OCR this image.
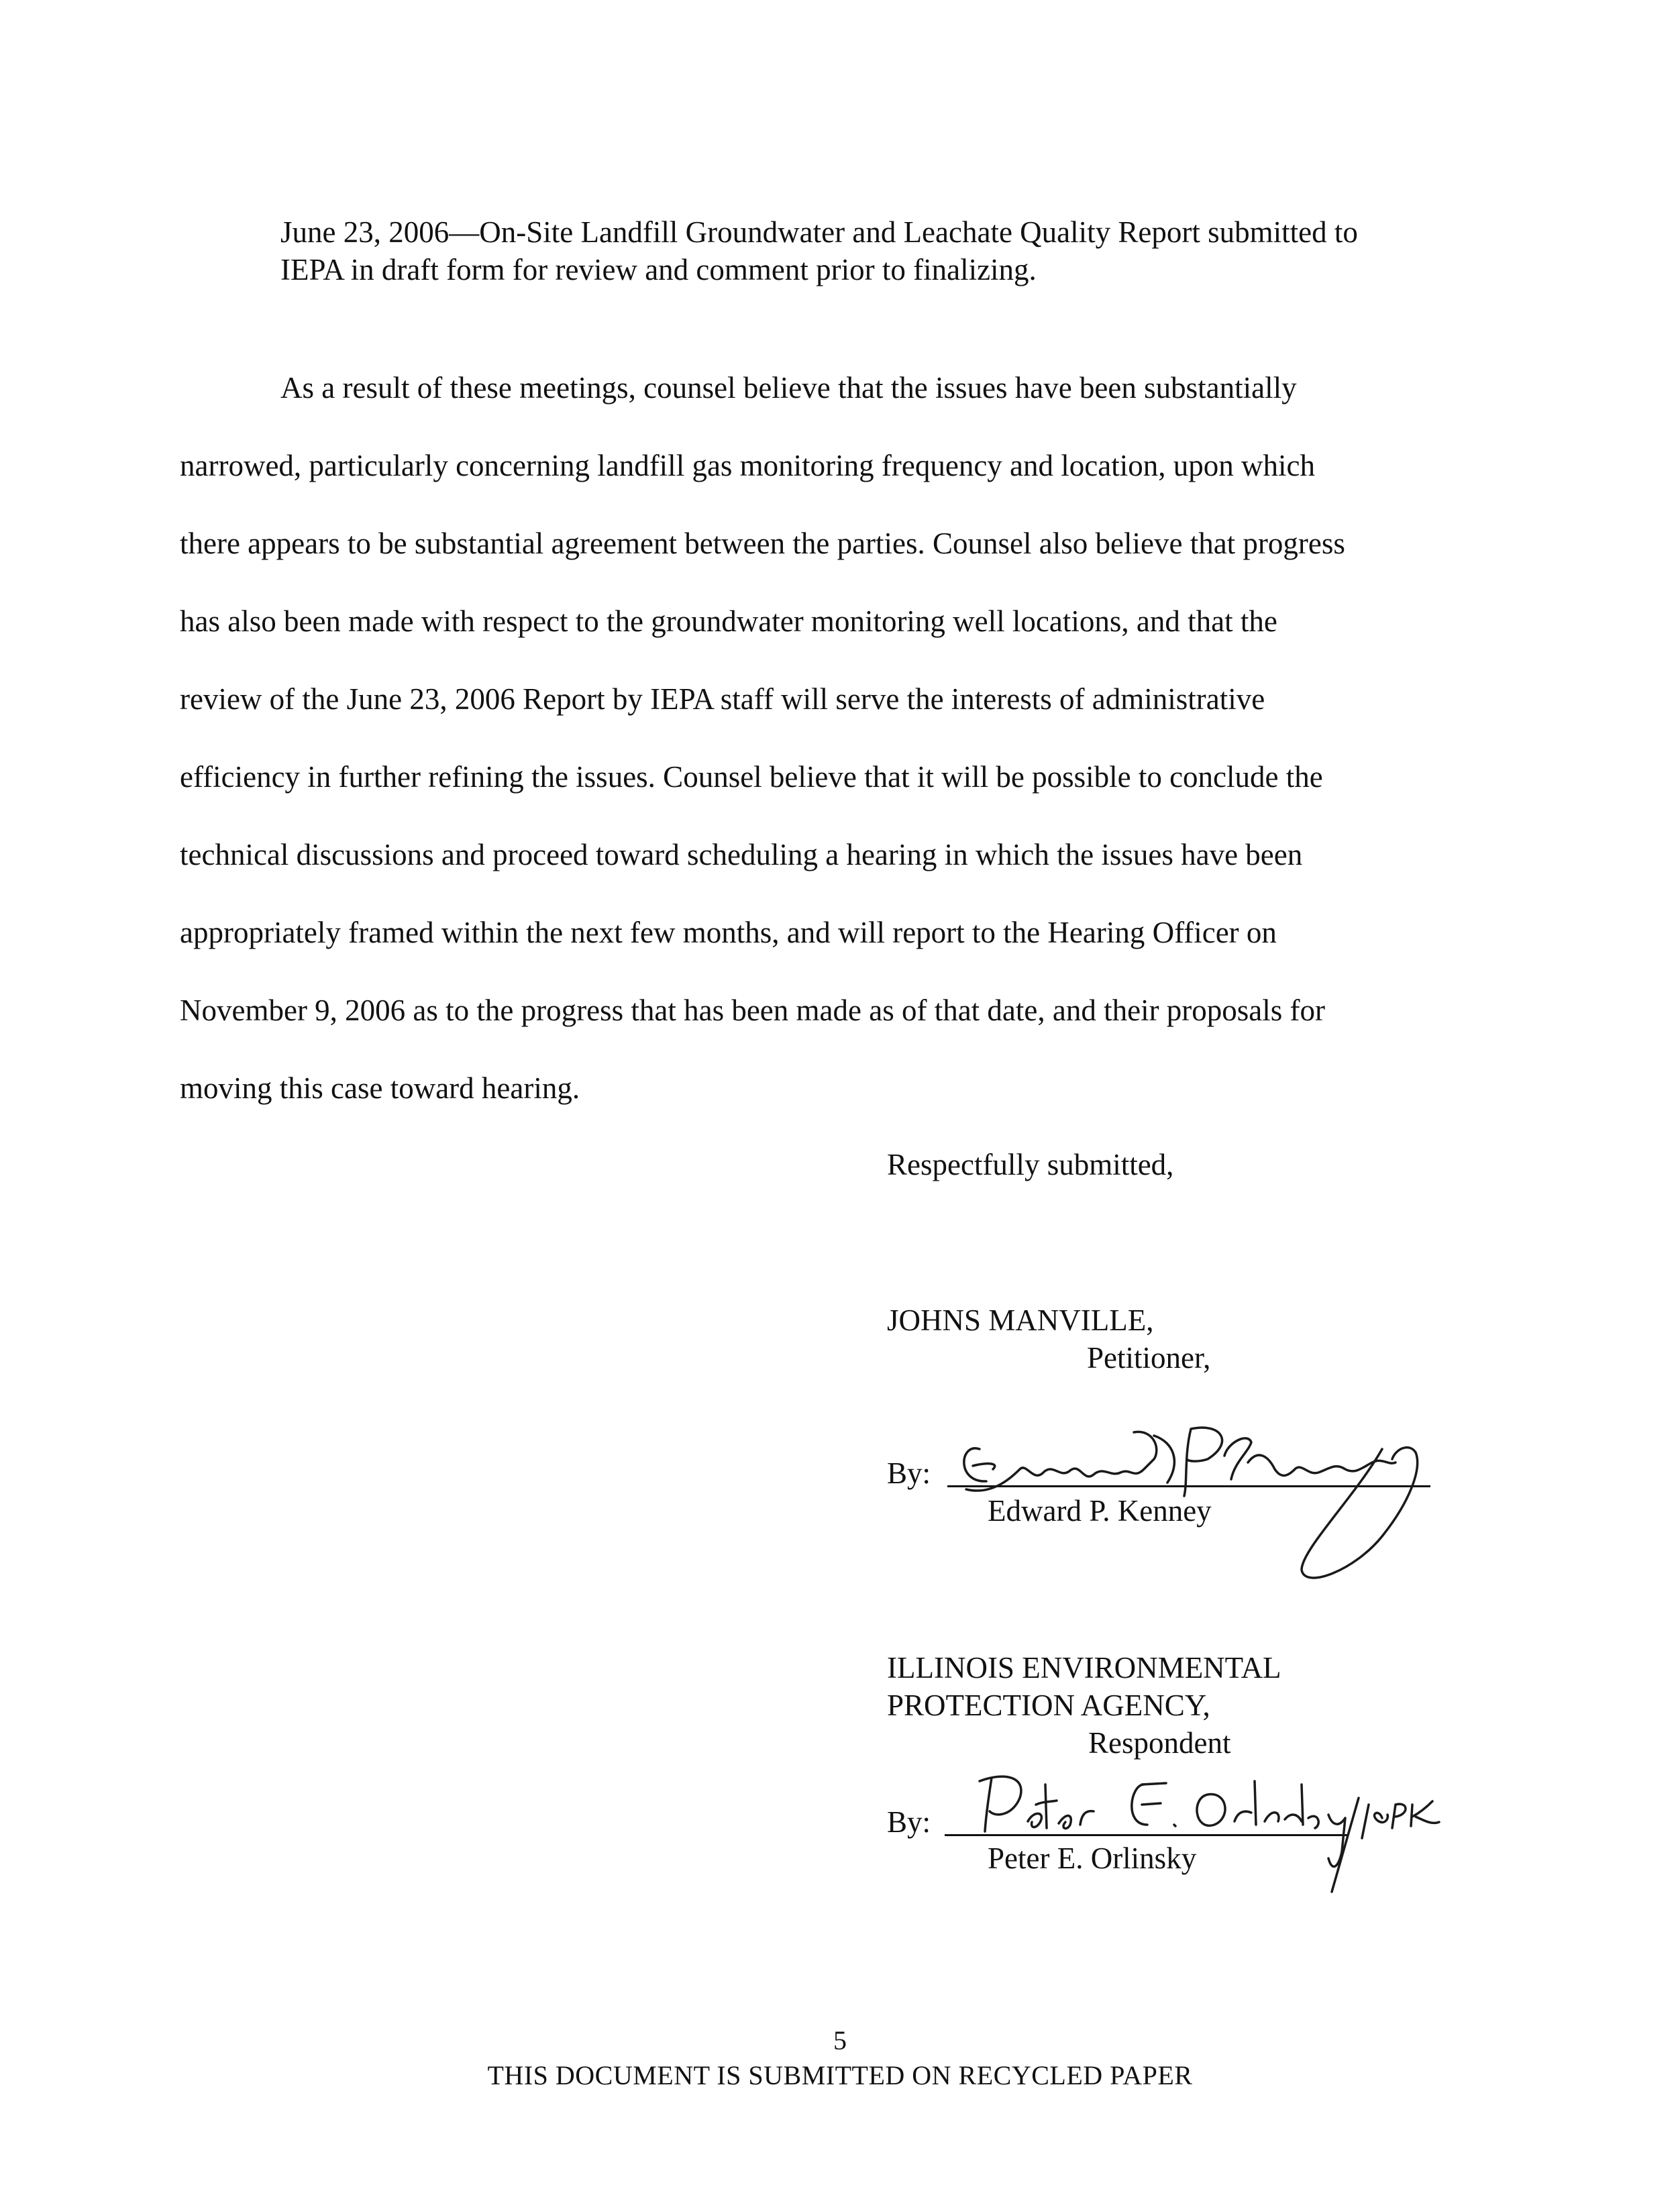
June 23, 2006—On-Site Landfill Groundwater and Leachate Quality Report submitted to
IEPA in draft form for review and comment prior to finalizing.

As a result of these meetings, counsel believe that the issues have been substantially
narrowed, particularly concerning landfill gas monitoring frequency and location, upon which
there appears to be substantial agreement between the parties. Counsel also believe that progress
has also been made with respect to the groundwater monitoring well locations, and that the
review of the June 23, 2006 Report by IEPA staff will serve the interests of administrative
efficiency in further refining the issues. Counsel believe that it will be possible to conclude the
technical discussions and proceed toward scheduling a hearing in which the issues have been
appropriately framed within the next few months, and will report to the Hearing Officer on
November 9, 2006 as to the progress that has been made as of that date, and their proposals for
moving this case toward hearing.

Respectfully submitted,
JOHNS MANVILLE,
Petitioner,
By:
Edward P. Kenney
ILLINOIS ENVIRONMENTAL
PROTECTION AGENCY,
Respondent
By:
Peter E. Orlinsky
5
THIS DOCUMENT IS SUBMITTED ON RECYCLED PAPER
